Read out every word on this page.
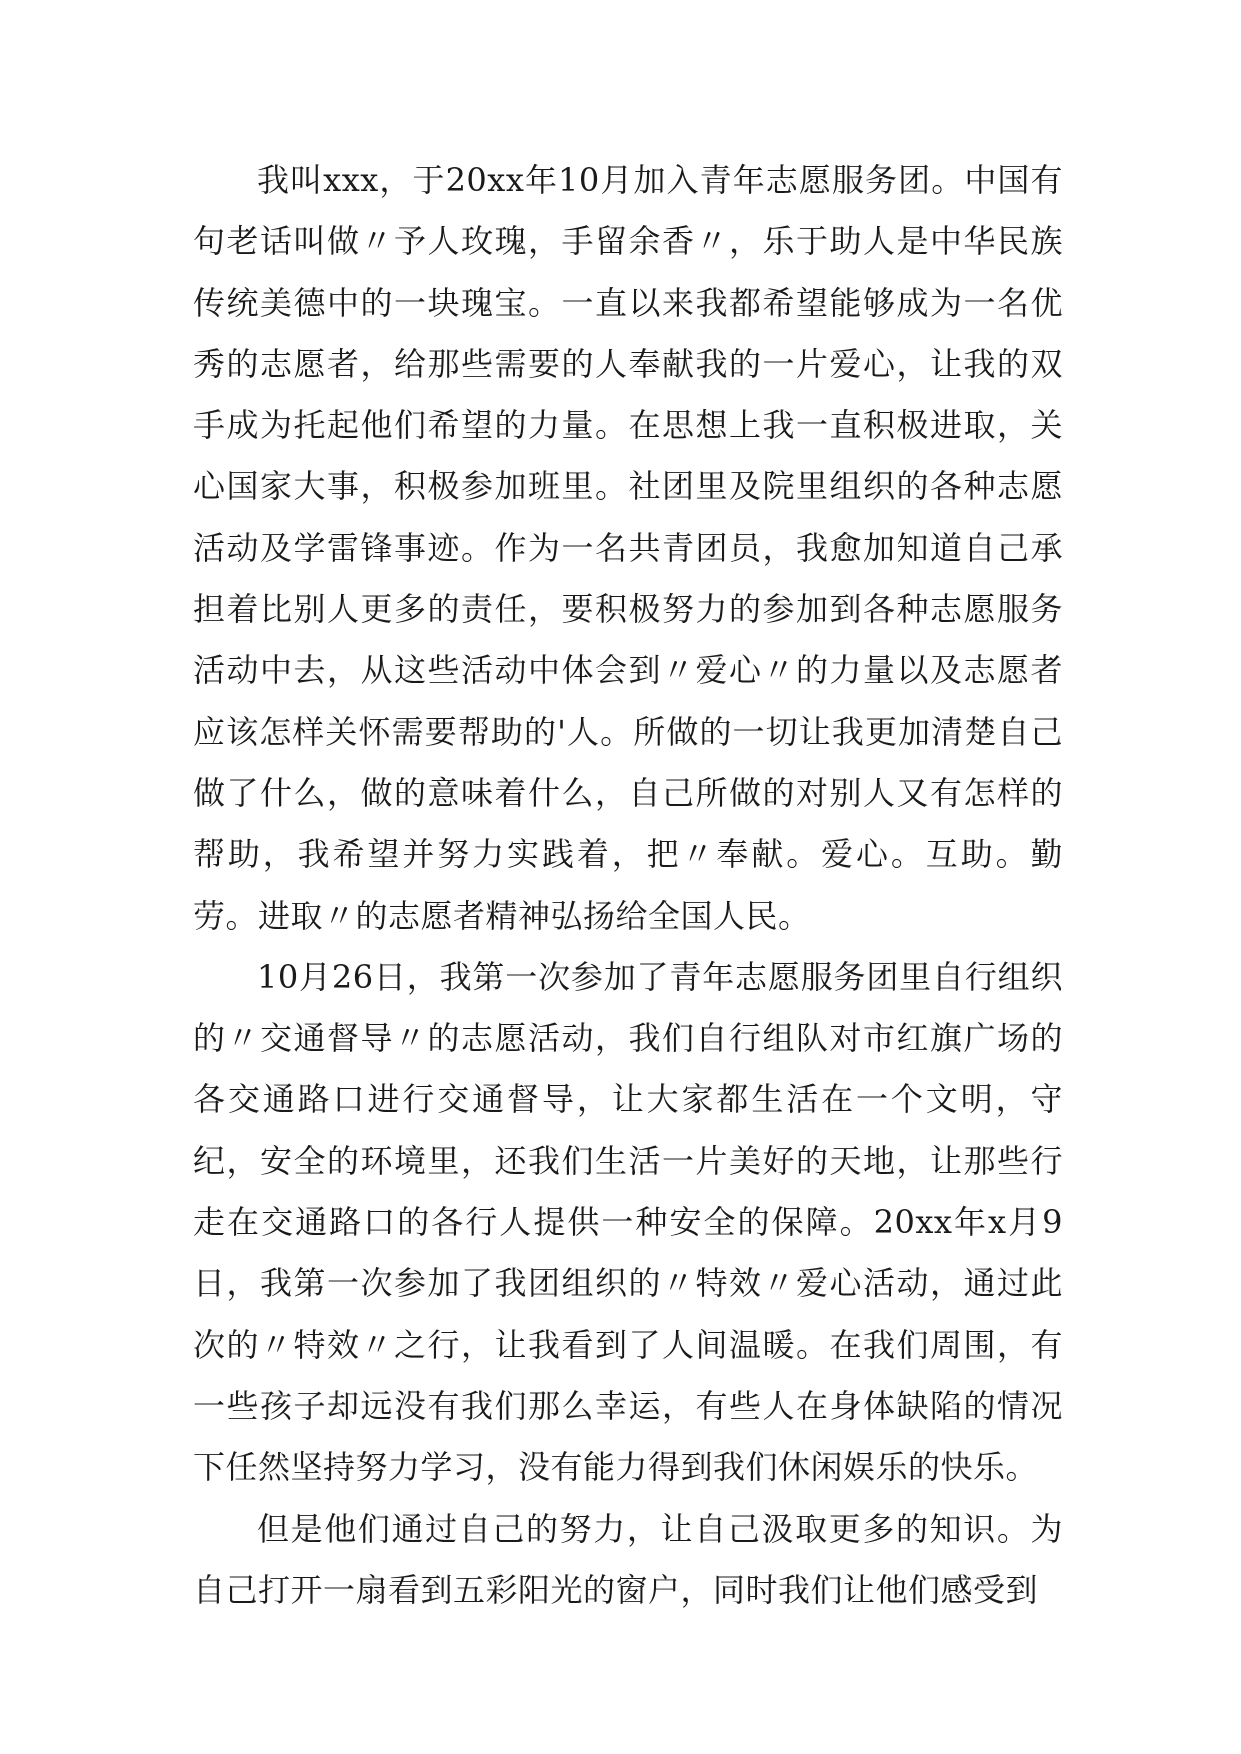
我叫xxx，于20xx年10月加入青年志愿服务团。中国有句老话叫做〃予人玫瑰，手留余香〃，乐于助人是中华民族传统美德中的一块瑰宝。一直以来我都希望能够成为一名优秀的志愿者，给那些需要的人奉献我的一片爱心，让我的双手成为托起他们希望的力量。在思想上我一直积极进取，关心国家大事，积极参加班里。社团里及院里组织的各种志愿活动及学雷锋事迹。作为一名共青团员，我愈加知道自己承担着比别人更多的责任，要积极努力的参加到各种志愿服务活动中去，从这些活动中体会到〃爱心〃的力量以及志愿者应该怎样关怀需要帮助的'人。所做的一切让我更加清楚自己做了什么，做的意味着什么，自己所做的对别人又有怎样的帮助，我希望并努力实践着，把〃奉献。爱心。互助。勤劳。进取〃的志愿者精神弘扬给全国人民。

10月26日，我第一次参加了青年志愿服务团里自行组织的〃交通督导〃的志愿活动，我们自行组队对市红旗广场的各交通路口进行交通督导，让大家都生活在一个文明，守纪，安全的环境里，还我们生活一片美好的天地，让那些行走在交通路口的各行人提供一种安全的保障。20xx年x月9日，我第一次参加了我团组织的〃特效〃爱心活动，通过此次的〃特效〃之行，让我看到了人间温暖。在我们周围，有一些孩子却远没有我们那么幸运，有些人在身体缺陷的情况下任然坚持努力学习，没有能力得到我们休闲娱乐的快乐。

但是他们通过自己的努力，让自己汲取更多的知识。为自己打开一扇看到五彩阳光的窗户，同时我们让他们感受到
